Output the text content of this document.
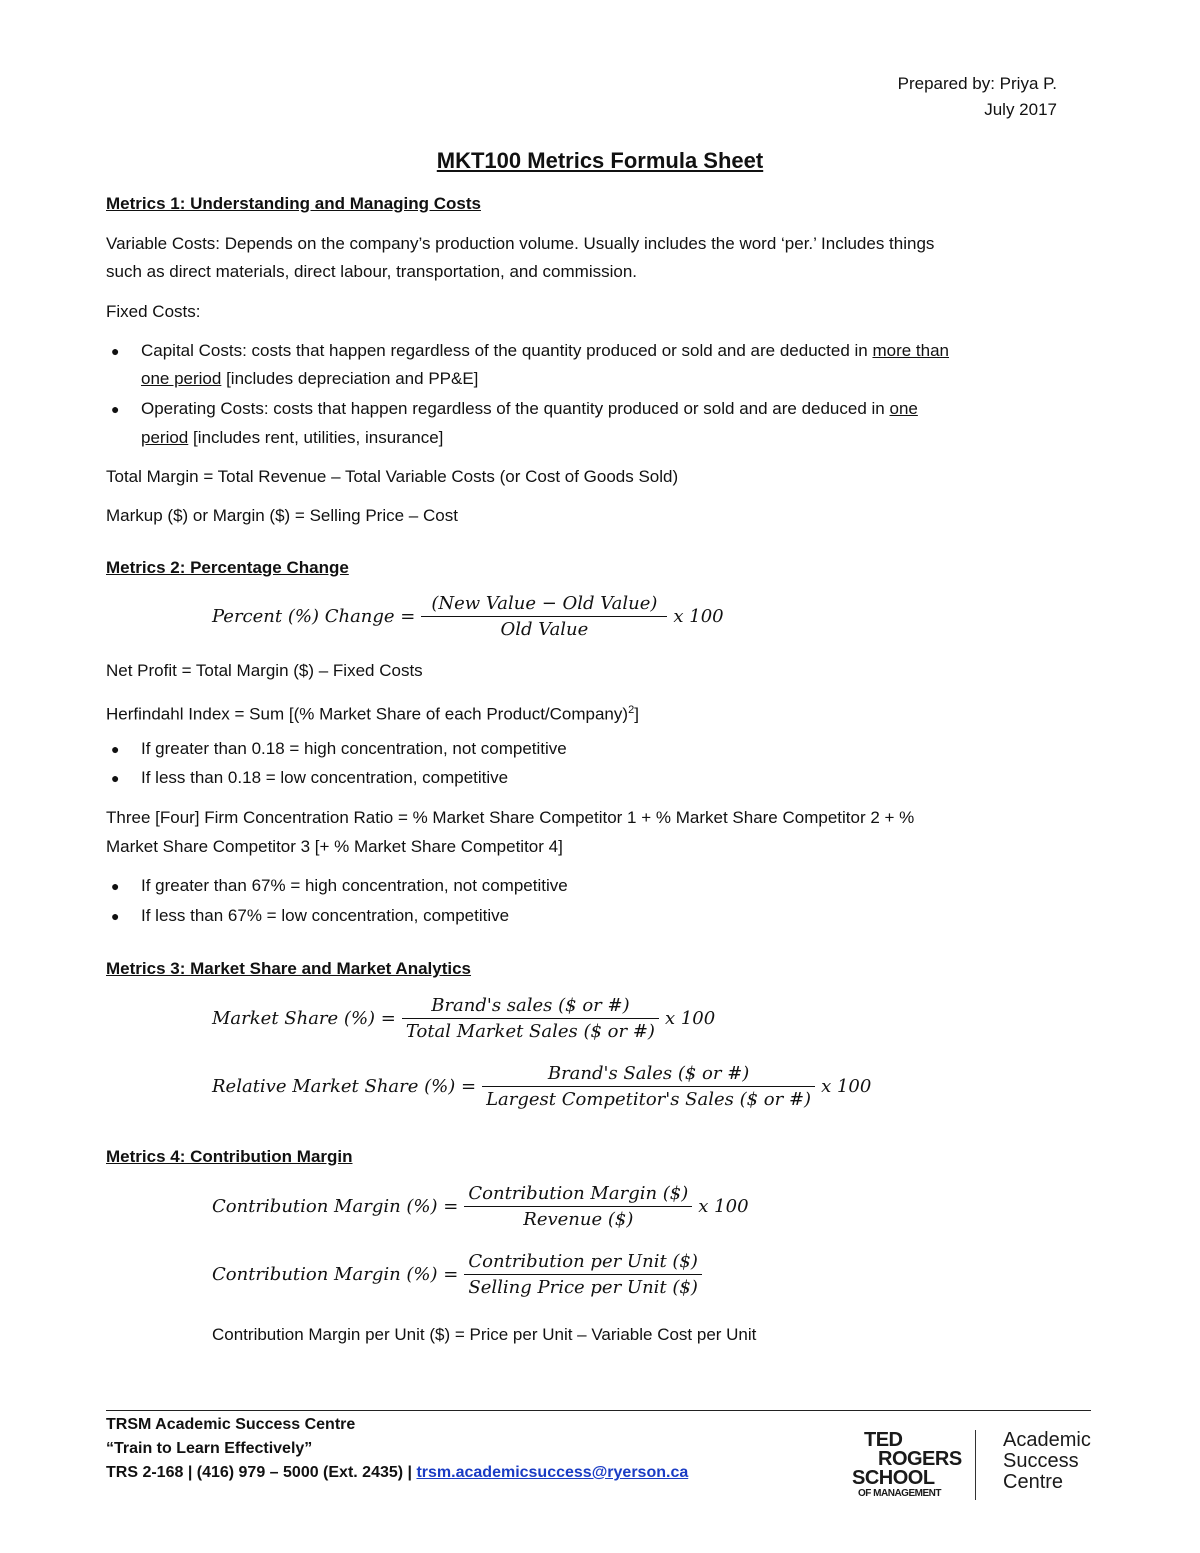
Prepared by: Priya P.
July 2017
MKT100 Metrics Formula Sheet
Metrics 1: Understanding and Managing Costs
Variable Costs: Depends on the company’s production volume. Usually includes the word ‘per.’ Includes things
such as direct materials, direct labour, transportation, and commission.
Fixed Costs:
● Capital Costs: costs that happen regardless of the quantity produced or sold and are deducted in more than
one period [includes depreciation and PP&E]
● Operating Costs: costs that happen regardless of the quantity produced or sold and are deduced in one
period [includes rent, utilities, insurance]
Total Margin = Total Revenue – Total Variable Costs (or Cost of Goods Sold)
Markup ($) or Margin ($) = Selling Price – Cost
Metrics 2: Percentage Change
Percent (%) Change = $\frac{\text{(New Value − Old Value)}}{\text{Old Value}}$ x 100
Net Profit = Total Margin ($) – Fixed Costs
Herfindahl Index = Sum [(% Market Share of each Product/Company)$^2$]
● If greater than 0.18 = high concentration, not competitive
● If less than 0.18 = low concentration, competitive
Three [Four] Firm Concentration Ratio = % Market Share Competitor 1 + % Market Share Competitor 2 + %
Market Share Competitor 3 [+ % Market Share Competitor 4]
● If greater than 67% = high concentration, not competitive
● If less than 67% = low concentration, competitive
Metrics 3: Market Share and Market Analytics
Market Share (%) = $\frac{\text{Brand's sales (\$ or \#)}}{\text{Total Market Sales (\$ or \#)}}$ x 100
Relative Market Share (%) = $\frac{\text{Brand's Sales (\$ or \#)}}{\text{Largest Competitor's Sales (\$ or \#)}}$ x 100
Metrics 4: Contribution Margin
Contribution Margin (%) = $\frac{\text{Contribution Margin (\$)}}{\text{Revenue (\$)}}$ x 100
Contribution Margin (%) = $\frac{\text{Contribution per Unit (\$)}}{\text{Selling Price per Unit (\$)}}$
Contribution Margin per Unit ($) = Price per Unit – Variable Cost per Unit
TRSM Academic Success Centre
“Train to Learn Effectively”
TRS 2-168 | (416) 979 – 5000 (Ext. 2435) | trsm.academicsuccess@ryerson.ca
TED
ROGERS
SCHOOL
OF MANAGEMENT
Academic
Success
Centre
